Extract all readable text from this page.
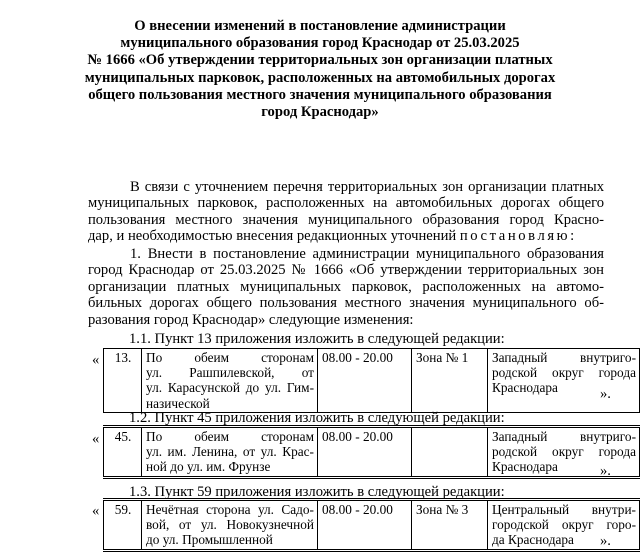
О внесении изменений в постановление администрации
муниципального образования город Краснодар от 25.03.2025
№ 1666 «Об утверждении территориальных зон организации платных
муниципальных парковок, расположенных на автомобильных дорогах
общего пользования местного значения муниципального образования
город Краснодар»
В связи с уточнением перечня территориальных зон организации платных
муниципальных парковок, расположенных на автомобильных дорогах общего
пользования местного значения муниципального образования город Красно-
дар, и необходимостью внесения редакционных уточнений постановляю:
1. Внести в постановление администрации муниципального образования
город Краснодар от 25.03.2025 № 1666 «Об утверждении территориальных зон
организации платных муниципальных парковок, расположенных на автомо-
бильных дорогах общего пользования местного значения муниципального об-
разования город Краснодар» следующие изменения:
1.1. Пункт 13 приложения изложить в следующей редакции:
« 13.	По обеим сторонам
ул. Рашпилевской, от
ул. Карасунской до ул. Гим-
назической
	08.00 - 20.00	Зона № 1	Западный внутриго-
родской округ города
Краснодара	».
1.2. Пункт 45 приложения изложить в следующей редакции:
« 45.	По обеим сторонам
ул. им. Ленина, от ул. Крас-
ной до ул. им. Фрунзе
	08.00 - 20.00		Западный внутриго-
родской округ города
Краснодара	».
1.3. Пункт 59 приложения изложить в следующей редакции:
« 59.	Нечётная сторона ул. Садо-
вой, от ул. Новокузнечной
до ул. Промышленной
	08.00 - 20.00	Зона № 3	Центральный внутри-
городской округ горо-
да Краснодара	».
